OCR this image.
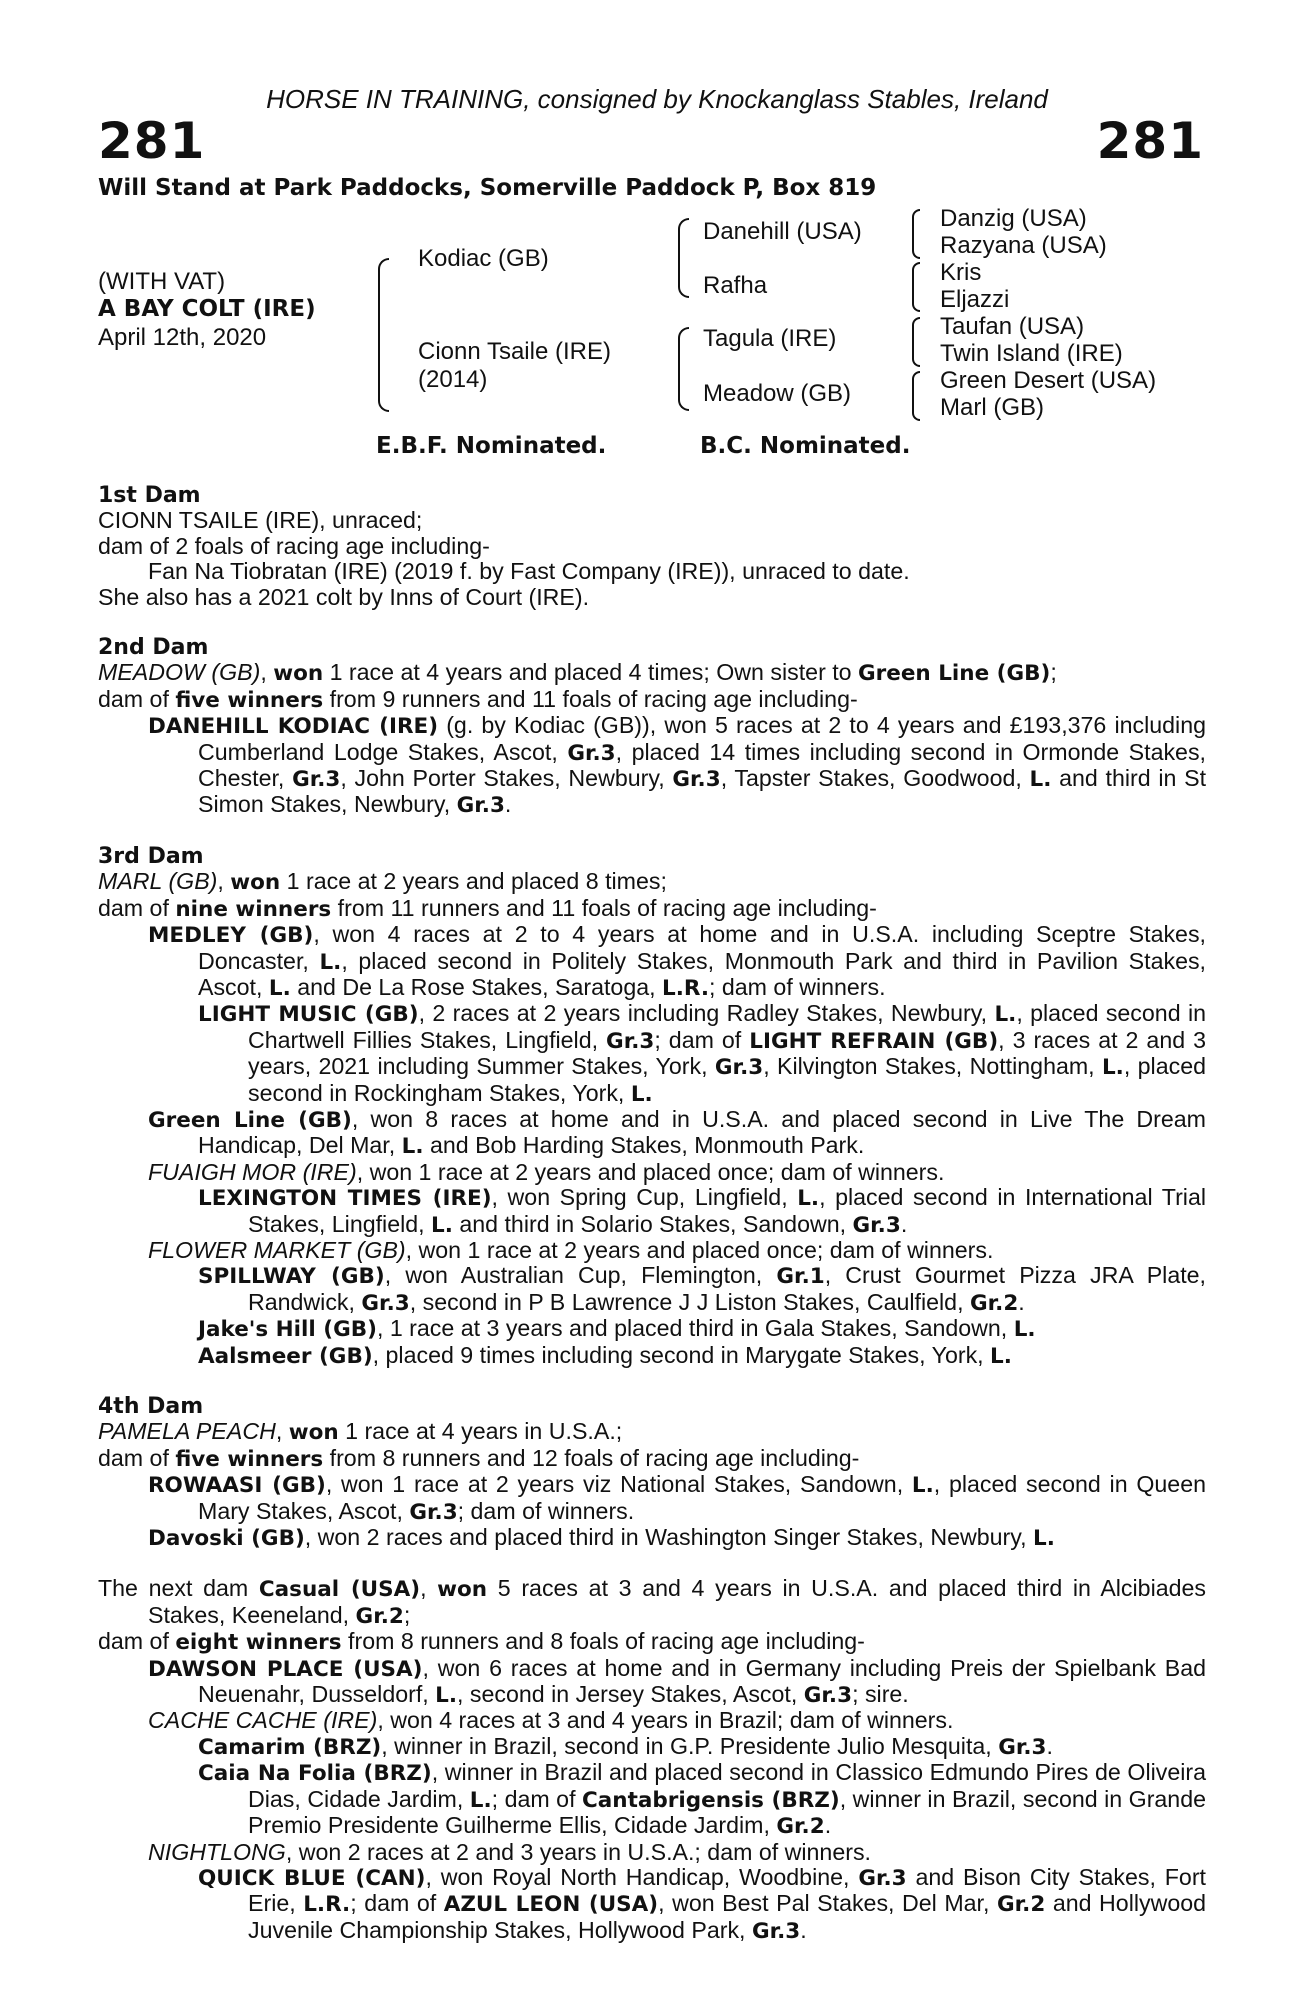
HORSE IN TRAINING, consigned by Knockanglass Stables, Ireland
281	281
Will Stand at Park Paddocks, Somerville Paddock P, Box 819
(WITH VAT)
A BAY COLT (IRE)
April 12th, 2020
Kodiac (GB)
Cionn Tsaile (IRE)
(2014)
Danehill (USA)
Rafha
Tagula (IRE)
Meadow (GB)
Danzig (USA)
Razyana (USA)
Kris
Eljazzi
Taufan (USA)
Twin Island (IRE)
Green Desert (USA)
Marl (GB)
E.B.F. Nominated.	B.C. Nominated.

1st Dam

CIONN TSAILE (IRE), unraced;

dam of 2 foals of racing age including-

Fan Na Tiobratan (IRE) (2019 f. by Fast Company (IRE)), unraced to date.

She also has a 2021 colt by Inns of Court (IRE).

2nd Dam

MEADOW (GB), won 1 race at 4 years and placed 4 times; Own sister to Green Line (GB);

dam of five winners from 9 runners and 11 foals of racing age including-

DANEHILL KODIAC (IRE) (g. by Kodiac (GB)), won 5 races at 2 to 4 years and £193,376 including Cumberland Lodge Stakes, Ascot, Gr.3, placed 14 times including second in Ormonde Stakes, Chester, Gr.3, John Porter Stakes, Newbury, Gr.3, Tapster Stakes, Goodwood, L. and third in St Simon Stakes, Newbury, Gr.3.

3rd Dam

MARL (GB), won 1 race at 2 years and placed 8 times;

dam of nine winners from 11 runners and 11 foals of racing age including-

MEDLEY (GB), won 4 races at 2 to 4 years at home and in U.S.A. including Sceptre Stakes, Doncaster, L., placed second in Politely Stakes, Monmouth Park and third in Pavilion Stakes, Ascot, L. and De La Rose Stakes, Saratoga, L.R.; dam of winners.

LIGHT MUSIC (GB), 2 races at 2 years including Radley Stakes, Newbury, L., placed second in Chartwell Fillies Stakes, Lingfield, Gr.3; dam of LIGHT REFRAIN (GB), 3 races at 2 and 3 years, 2021 including Summer Stakes, York, Gr.3, Kilvington Stakes, Nottingham, L., placed second in Rockingham Stakes, York, L.

Green Line (GB), won 8 races at home and in U.S.A. and placed second in Live The Dream Handicap, Del Mar, L. and Bob Harding Stakes, Monmouth Park.

FUAIGH MOR (IRE), won 1 race at 2 years and placed once; dam of winners.

LEXINGTON TIMES (IRE), won Spring Cup, Lingfield, L., placed second in International Trial Stakes, Lingfield, L. and third in Solario Stakes, Sandown, Gr.3.

FLOWER MARKET (GB), won 1 race at 2 years and placed once; dam of winners.

SPILLWAY (GB), won Australian Cup, Flemington, Gr.1, Crust Gourmet Pizza JRA Plate, Randwick, Gr.3, second in P B Lawrence J J Liston Stakes, Caulfield, Gr.2.

Jake's Hill (GB), 1 race at 3 years and placed third in Gala Stakes, Sandown, L.

Aalsmeer (GB), placed 9 times including second in Marygate Stakes, York, L.

4th Dam

PAMELA PEACH, won 1 race at 4 years in U.S.A.;

dam of five winners from 8 runners and 12 foals of racing age including-

ROWAASI (GB), won 1 race at 2 years viz National Stakes, Sandown, L., placed second in Queen Mary Stakes, Ascot, Gr.3; dam of winners.

Davoski (GB), won 2 races and placed third in Washington Singer Stakes, Newbury, L.

The next dam Casual (USA), won 5 races at 3 and 4 years in U.S.A. and placed third in Alcibiades Stakes, Keeneland, Gr.2;

dam of eight winners from 8 runners and 8 foals of racing age including-

DAWSON PLACE (USA), won 6 races at home and in Germany including Preis der Spielbank Bad Neuenahr, Dusseldorf, L., second in Jersey Stakes, Ascot, Gr.3; sire.

CACHE CACHE (IRE), won 4 races at 3 and 4 years in Brazil; dam of winners.

Camarim (BRZ), winner in Brazil, second in G.P. Presidente Julio Mesquita, Gr.3.

Caia Na Folia (BRZ), winner in Brazil and placed second in Classico Edmundo Pires de Oliveira Dias, Cidade Jardim, L.; dam of Cantabrigensis (BRZ), winner in Brazil, second in Grande Premio Presidente Guilherme Ellis, Cidade Jardim, Gr.2.

NIGHTLONG, won 2 races at 2 and 3 years in U.S.A.; dam of winners.

QUICK BLUE (CAN), won Royal North Handicap, Woodbine, Gr.3 and Bison City Stakes, Fort Erie, L.R.; dam of AZUL LEON (USA), won Best Pal Stakes, Del Mar, Gr.2 and Hollywood Juvenile Championship Stakes, Hollywood Park, Gr.3.
